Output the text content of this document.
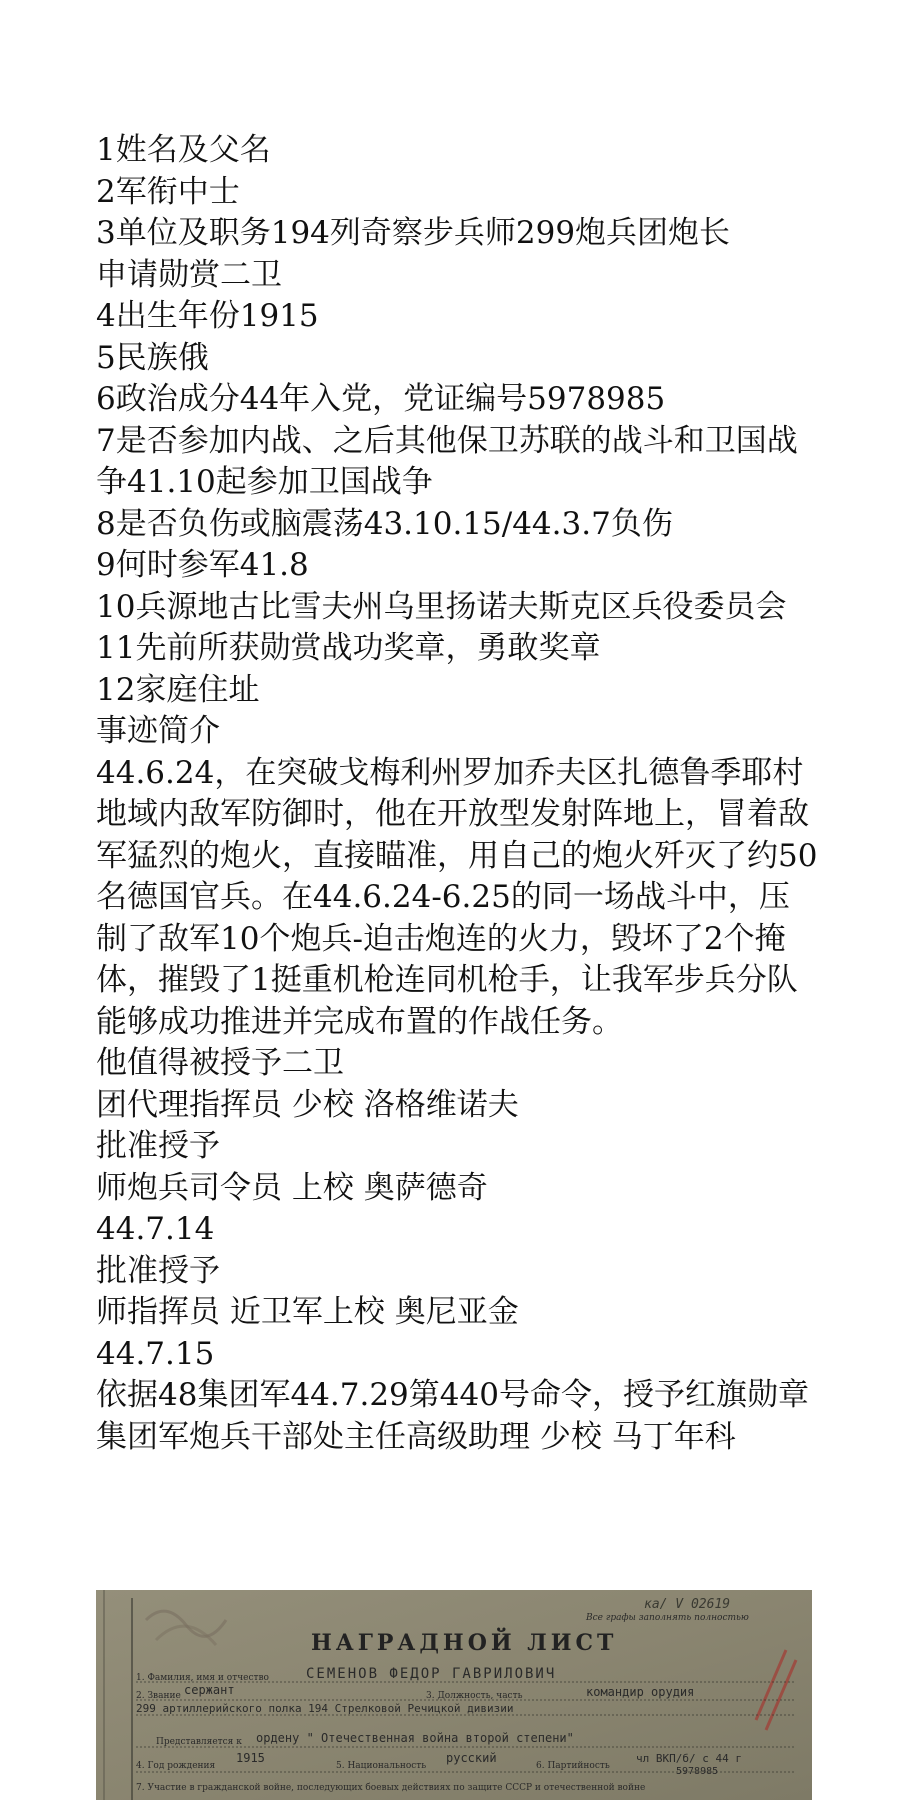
1姓名及父名

2军衔中士

3单位及职务194列奇察步兵师299炮兵团炮长

申请勋赏二卫

4出生年份1915

5民族俄

6政治成分44年入党，党证编号5978985

7是否参加内战、之后其他保卫苏联的战斗和卫国战争41.10起参加卫国战争

8是否负伤或脑震荡43.10.15/44.3.7负伤

9何时参军41.8

10兵源地古比雪夫州乌里扬诺夫斯克区兵役委员会

11先前所获勋赏战功奖章，勇敢奖章

12家庭住址

事迹简介

44.6.24，在突破戈梅利州罗加乔夫区扎德鲁季耶村地域内敌军防御时，他在开放型发射阵地上，冒着敌军猛烈的炮火，直接瞄准，用自己的炮火歼灭了约50名德国官兵。在44.6.24-6.25的同一场战斗中，压制了敌军10个炮兵-迫击炮连的火力，毁坏了2个掩体，摧毁了1挺重机枪连同机枪手，让我军步兵分队能够成功推进并完成布置的作战任务。

他值得被授予二卫

团代理指挥员 少校 洛格维诺夫

批准授予

师炮兵司令员 上校 奥萨德奇

44.7.14

批准授予

师指挥员 近卫军上校 奥尼亚金

44.7.15

依据48集团军44.7.29第440号命令，授予红旗勋章

集团军炮兵干部处主任高级助理 少校 马丁年科

ка/ V 02619
Все графы заполнять полностью
НАГРАДНОЙ ЛИСТ
1. Фамилия, имя и отчество	СЕМЕНОВ ФЕДОР ГАВРИЛОВИЧ
2. Звание сержант	3. Должность, часть	командир орудия
299 артиллерийского полка 194 Стрелковой Речицкой дивизии
Представляется к ордену " Отечественная война второй степени"
4. Год рождения
1915
5. Национальность
русский
6. Партийность
чл ВКП/б/ с 44 г
5978985
7. Участие в гражданской войне, последующих боевых действиях по защите СССР и отечественной войне
